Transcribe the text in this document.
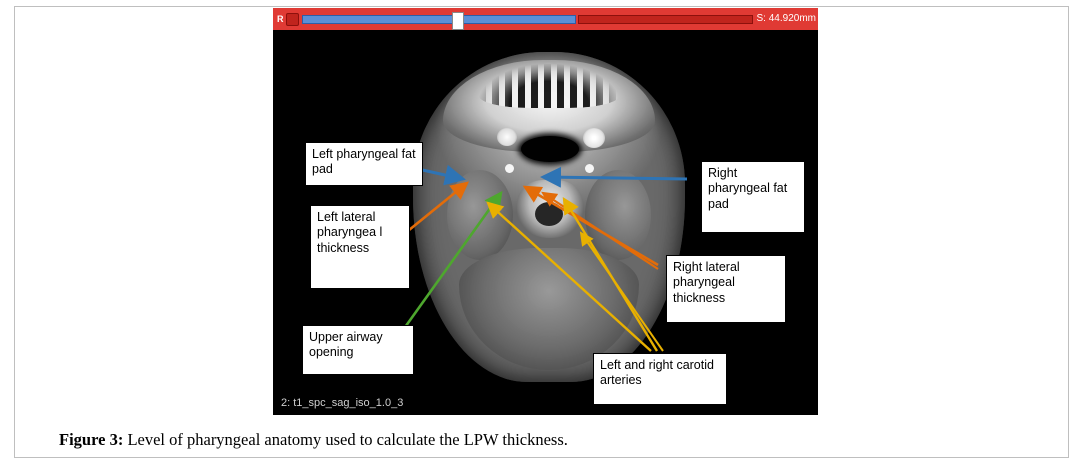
R	S: 44.920mm
2: t1_spc_sag_iso_1.0_3
Left pharyngeal fat pad
Left lateral pharyngea l thickness
Upper airway opening
Right pharyngeal fat pad
Right lateral pharyngeal thickness
Left and right carotid arteries
Figure 3: Level of pharyngeal anatomy used to calculate the LPW thickness.
